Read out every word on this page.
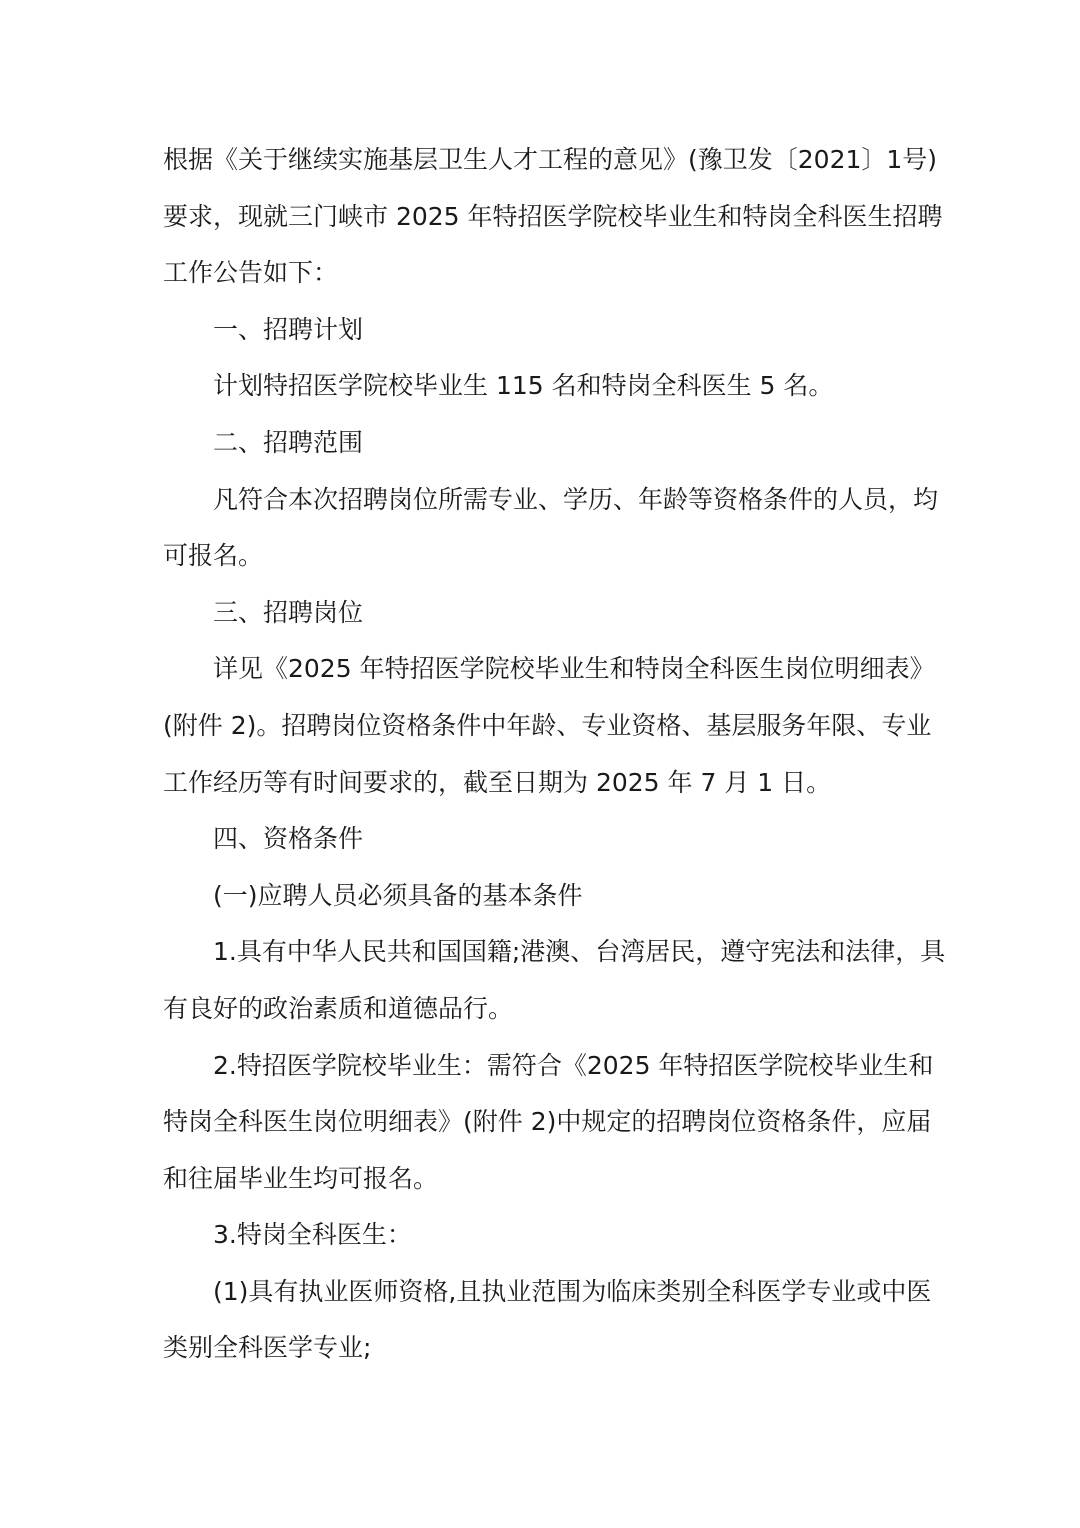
根据《关于继续实施基层卫生人才工程的意见》(豫卫发〔2021〕1号)
要求，现就三门峡市 2025 年特招医学院校毕业生和特岗全科医生招聘
工作公告如下：

一、招聘计划

计划特招医学院校毕业生 115 名和特岗全科医生 5 名。

二、招聘范围

凡符合本次招聘岗位所需专业、学历、年龄等资格条件的人员，均
可报名。

三、招聘岗位

详见《2025 年特招医学院校毕业生和特岗全科医生岗位明细表》
(附件 2)。招聘岗位资格条件中年龄、专业资格、基层服务年限、专业
工作经历等有时间要求的，截至日期为 2025 年 7 月 1 日。

四、资格条件

(一)应聘人员必须具备的基本条件

1.具有中华人民共和国国籍;港澳、台湾居民，遵守宪法和法律，具
有良好的政治素质和道德品行。

2.特招医学院校毕业生：需符合《2025 年特招医学院校毕业生和
特岗全科医生岗位明细表》(附件 2)中规定的招聘岗位资格条件，应届
和往届毕业生均可报名。

3.特岗全科医生：

(1)具有执业医师资格,且执业范围为临床类别全科医学专业或中医
类别全科医学专业;
